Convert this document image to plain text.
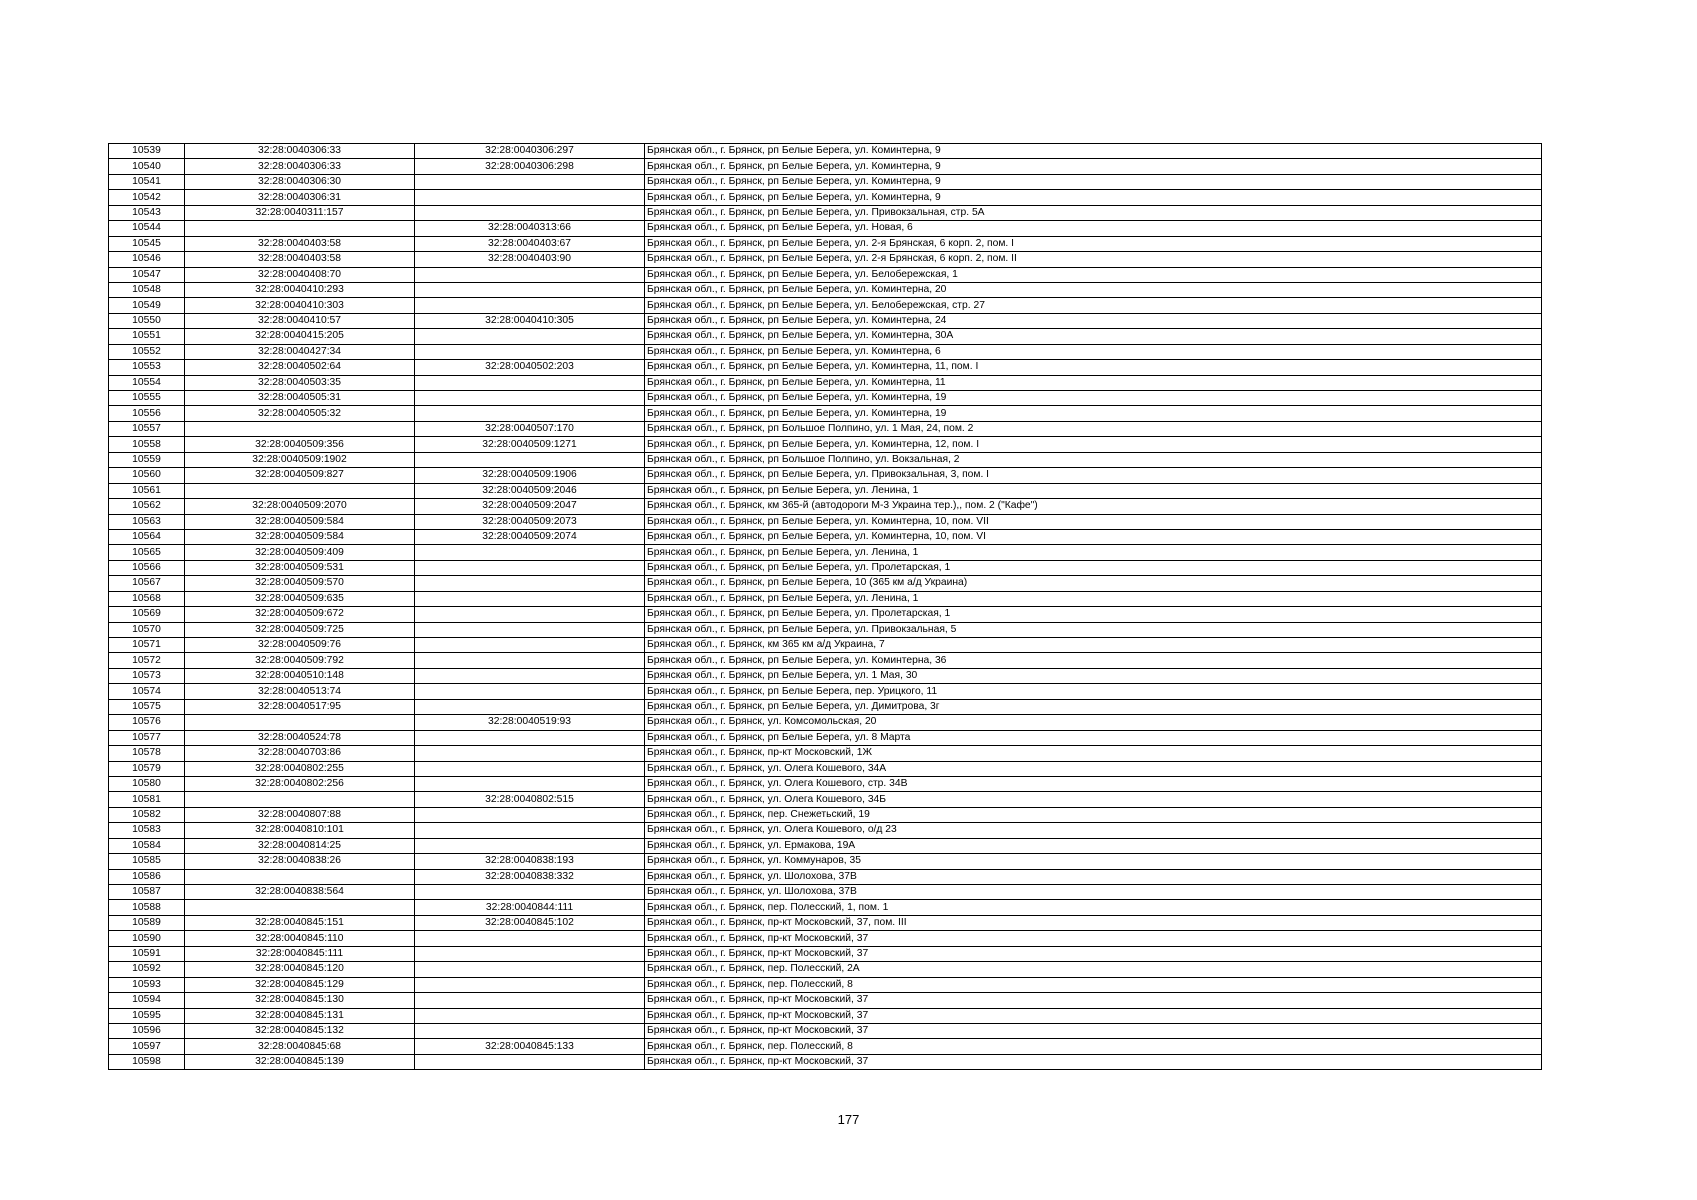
10539	32:28:0040306:33	32:28:0040306:297	Брянская обл., г. Брянск, рп Белые Берега, ул. Коминтерна, 9
10540	32:28:0040306:33	32:28:0040306:298	Брянская обл., г. Брянск, рп Белые Берега, ул. Коминтерна, 9
10541	32:28:0040306:30		Брянская обл., г. Брянск, рп Белые Берега, ул. Коминтерна, 9
10542	32:28:0040306:31		Брянская обл., г. Брянск, рп Белые Берега, ул. Коминтерна, 9
10543	32:28:0040311:157		Брянская обл., г. Брянск, рп Белые Берега, ул. Привокзальная, стр. 5А
10544		32:28:0040313:66	Брянская обл., г. Брянск, рп Белые Берега, ул. Новая, 6
10545	32:28:0040403:58	32:28:0040403:67	Брянская обл., г. Брянск, рп Белые Берега, ул. 2-я Брянская, 6 корп. 2, пом. I
10546	32:28:0040403:58	32:28:0040403:90	Брянская обл., г. Брянск, рп Белые Берега, ул. 2-я Брянская, 6 корп. 2, пом. II
10547	32:28:0040408:70		Брянская обл., г. Брянск, рп Белые Берега, ул. Белобережская, 1
10548	32:28:0040410:293		Брянская обл., г. Брянск, рп Белые Берега, ул. Коминтерна, 20
10549	32:28:0040410:303		Брянская обл., г. Брянск, рп Белые Берега, ул. Белобережская, стр. 27
10550	32:28:0040410:57	32:28:0040410:305	Брянская обл., г. Брянск, рп Белые Берега, ул. Коминтерна, 24
10551	32:28:0040415:205		Брянская обл., г. Брянск, рп Белые Берега, ул. Коминтерна, 30А
10552	32:28:0040427:34		Брянская обл., г. Брянск, рп Белые Берега, ул. Коминтерна, 6
10553	32:28:0040502:64	32:28:0040502:203	Брянская обл., г. Брянск, рп Белые Берега, ул. Коминтерна, 11, пом. I
10554	32:28:0040503:35		Брянская обл., г. Брянск, рп Белые Берега, ул. Коминтерна, 11
10555	32:28:0040505:31		Брянская обл., г. Брянск, рп Белые Берега, ул. Коминтерна, 19
10556	32:28:0040505:32		Брянская обл., г. Брянск, рп Белые Берега, ул. Коминтерна, 19
10557		32:28:0040507:170	Брянская обл., г. Брянск, рп Большое Полпино, ул. 1 Мая, 24, пом. 2
10558	32:28:0040509:356	32:28:0040509:1271	Брянская обл., г. Брянск, рп Белые Берега, ул. Коминтерна, 12, пом. I
10559	32:28:0040509:1902		Брянская обл., г. Брянск, рп Большое Полпино, ул. Вокзальная, 2
10560	32:28:0040509:827	32:28:0040509:1906	Брянская обл., г. Брянск, рп Белые Берега, ул. Привокзальная, 3, пом. I
10561		32:28:0040509:2046	Брянская обл., г. Брянск, рп Белые Берега, ул. Ленина, 1
10562	32:28:0040509:2070	32:28:0040509:2047	Брянская обл., г. Брянск, км 365-й (автодороги М-3 Украина тер.),, пом. 2 ("Кафе")
10563	32:28:0040509:584	32:28:0040509:2073	Брянская обл., г. Брянск, рп Белые Берега, ул. Коминтерна, 10, пом. VII
10564	32:28:0040509:584	32:28:0040509:2074	Брянская обл., г. Брянск, рп Белые Берега, ул. Коминтерна, 10, пом. VI
10565	32:28:0040509:409		Брянская обл., г. Брянск, рп Белые Берега, ул. Ленина, 1
10566	32:28:0040509:531		Брянская обл., г. Брянск, рп Белые Берега, ул. Пролетарская, 1
10567	32:28:0040509:570		Брянская обл., г. Брянск, рп Белые Берега, 10 (365 км а/д Украина)
10568	32:28:0040509:635		Брянская обл., г. Брянск, рп Белые Берега, ул. Ленина, 1
10569	32:28:0040509:672		Брянская обл., г. Брянск, рп Белые Берега, ул. Пролетарская, 1
10570	32:28:0040509:725		Брянская обл., г. Брянск, рп Белые Берега, ул. Привокзальная, 5
10571	32:28:0040509:76		Брянская обл., г. Брянск, км 365 км а/д Украина, 7
10572	32:28:0040509:792		Брянская обл., г. Брянск, рп Белые Берега, ул. Коминтерна, 36
10573	32:28:0040510:148		Брянская обл., г. Брянск, рп Белые Берега, ул. 1 Мая, 30
10574	32:28:0040513:74		Брянская обл., г. Брянск, рп Белые Берега, пер. Урицкого, 11
10575	32:28:0040517:95		Брянская обл., г. Брянск, рп Белые Берега, ул. Димитрова, 3г
10576		32:28:0040519:93	Брянская обл., г. Брянск, ул. Комсомольская, 20
10577	32:28:0040524:78		Брянская обл., г. Брянск, рп Белые Берега, ул. 8 Марта
10578	32:28:0040703:86		Брянская обл., г. Брянск, пр-кт Московский, 1Ж
10579	32:28:0040802:255		Брянская обл., г. Брянск, ул. Олега Кошевого, 34А
10580	32:28:0040802:256		Брянская обл., г. Брянск, ул. Олега Кошевого, стр. 34В
10581		32:28:0040802:515	Брянская обл., г. Брянск, ул. Олега Кошевого, 34Б
10582	32:28:0040807:88		Брянская обл., г. Брянск, пер. Снежетьский, 19
10583	32:28:0040810:101		Брянская обл., г. Брянск, ул. Олега Кошевого, о/д 23
10584	32:28:0040814:25		Брянская обл., г. Брянск, ул. Ермакова, 19А
10585	32:28:0040838:26	32:28:0040838:193	Брянская обл., г. Брянск, ул. Коммунаров, 35
10586		32:28:0040838:332	Брянская обл., г. Брянск, ул. Шолохова, 37В
10587	32:28:0040838:564		Брянская обл., г. Брянск, ул. Шолохова, 37В
10588		32:28:0040844:111	Брянская обл., г. Брянск, пер. Полесский, 1, пом. 1
10589	32:28:0040845:151	32:28:0040845:102	Брянская обл., г. Брянск, пр-кт Московский, 37, пом. III
10590	32:28:0040845:110		Брянская обл., г. Брянск, пр-кт Московский, 37
10591	32:28:0040845:111		Брянская обл., г. Брянск, пр-кт Московский, 37
10592	32:28:0040845:120		Брянская обл., г. Брянск, пер. Полесский, 2А
10593	32:28:0040845:129		Брянская обл., г. Брянск, пер. Полесский, 8
10594	32:28:0040845:130		Брянская обл., г. Брянск, пр-кт Московский, 37
10595	32:28:0040845:131		Брянская обл., г. Брянск, пр-кт Московский, 37
10596	32:28:0040845:132		Брянская обл., г. Брянск, пр-кт Московский, 37
10597	32:28:0040845:68	32:28:0040845:133	Брянская обл., г. Брянск, пер. Полесский, 8
10598	32:28:0040845:139		Брянская обл., г. Брянск, пр-кт Московский, 37
177
